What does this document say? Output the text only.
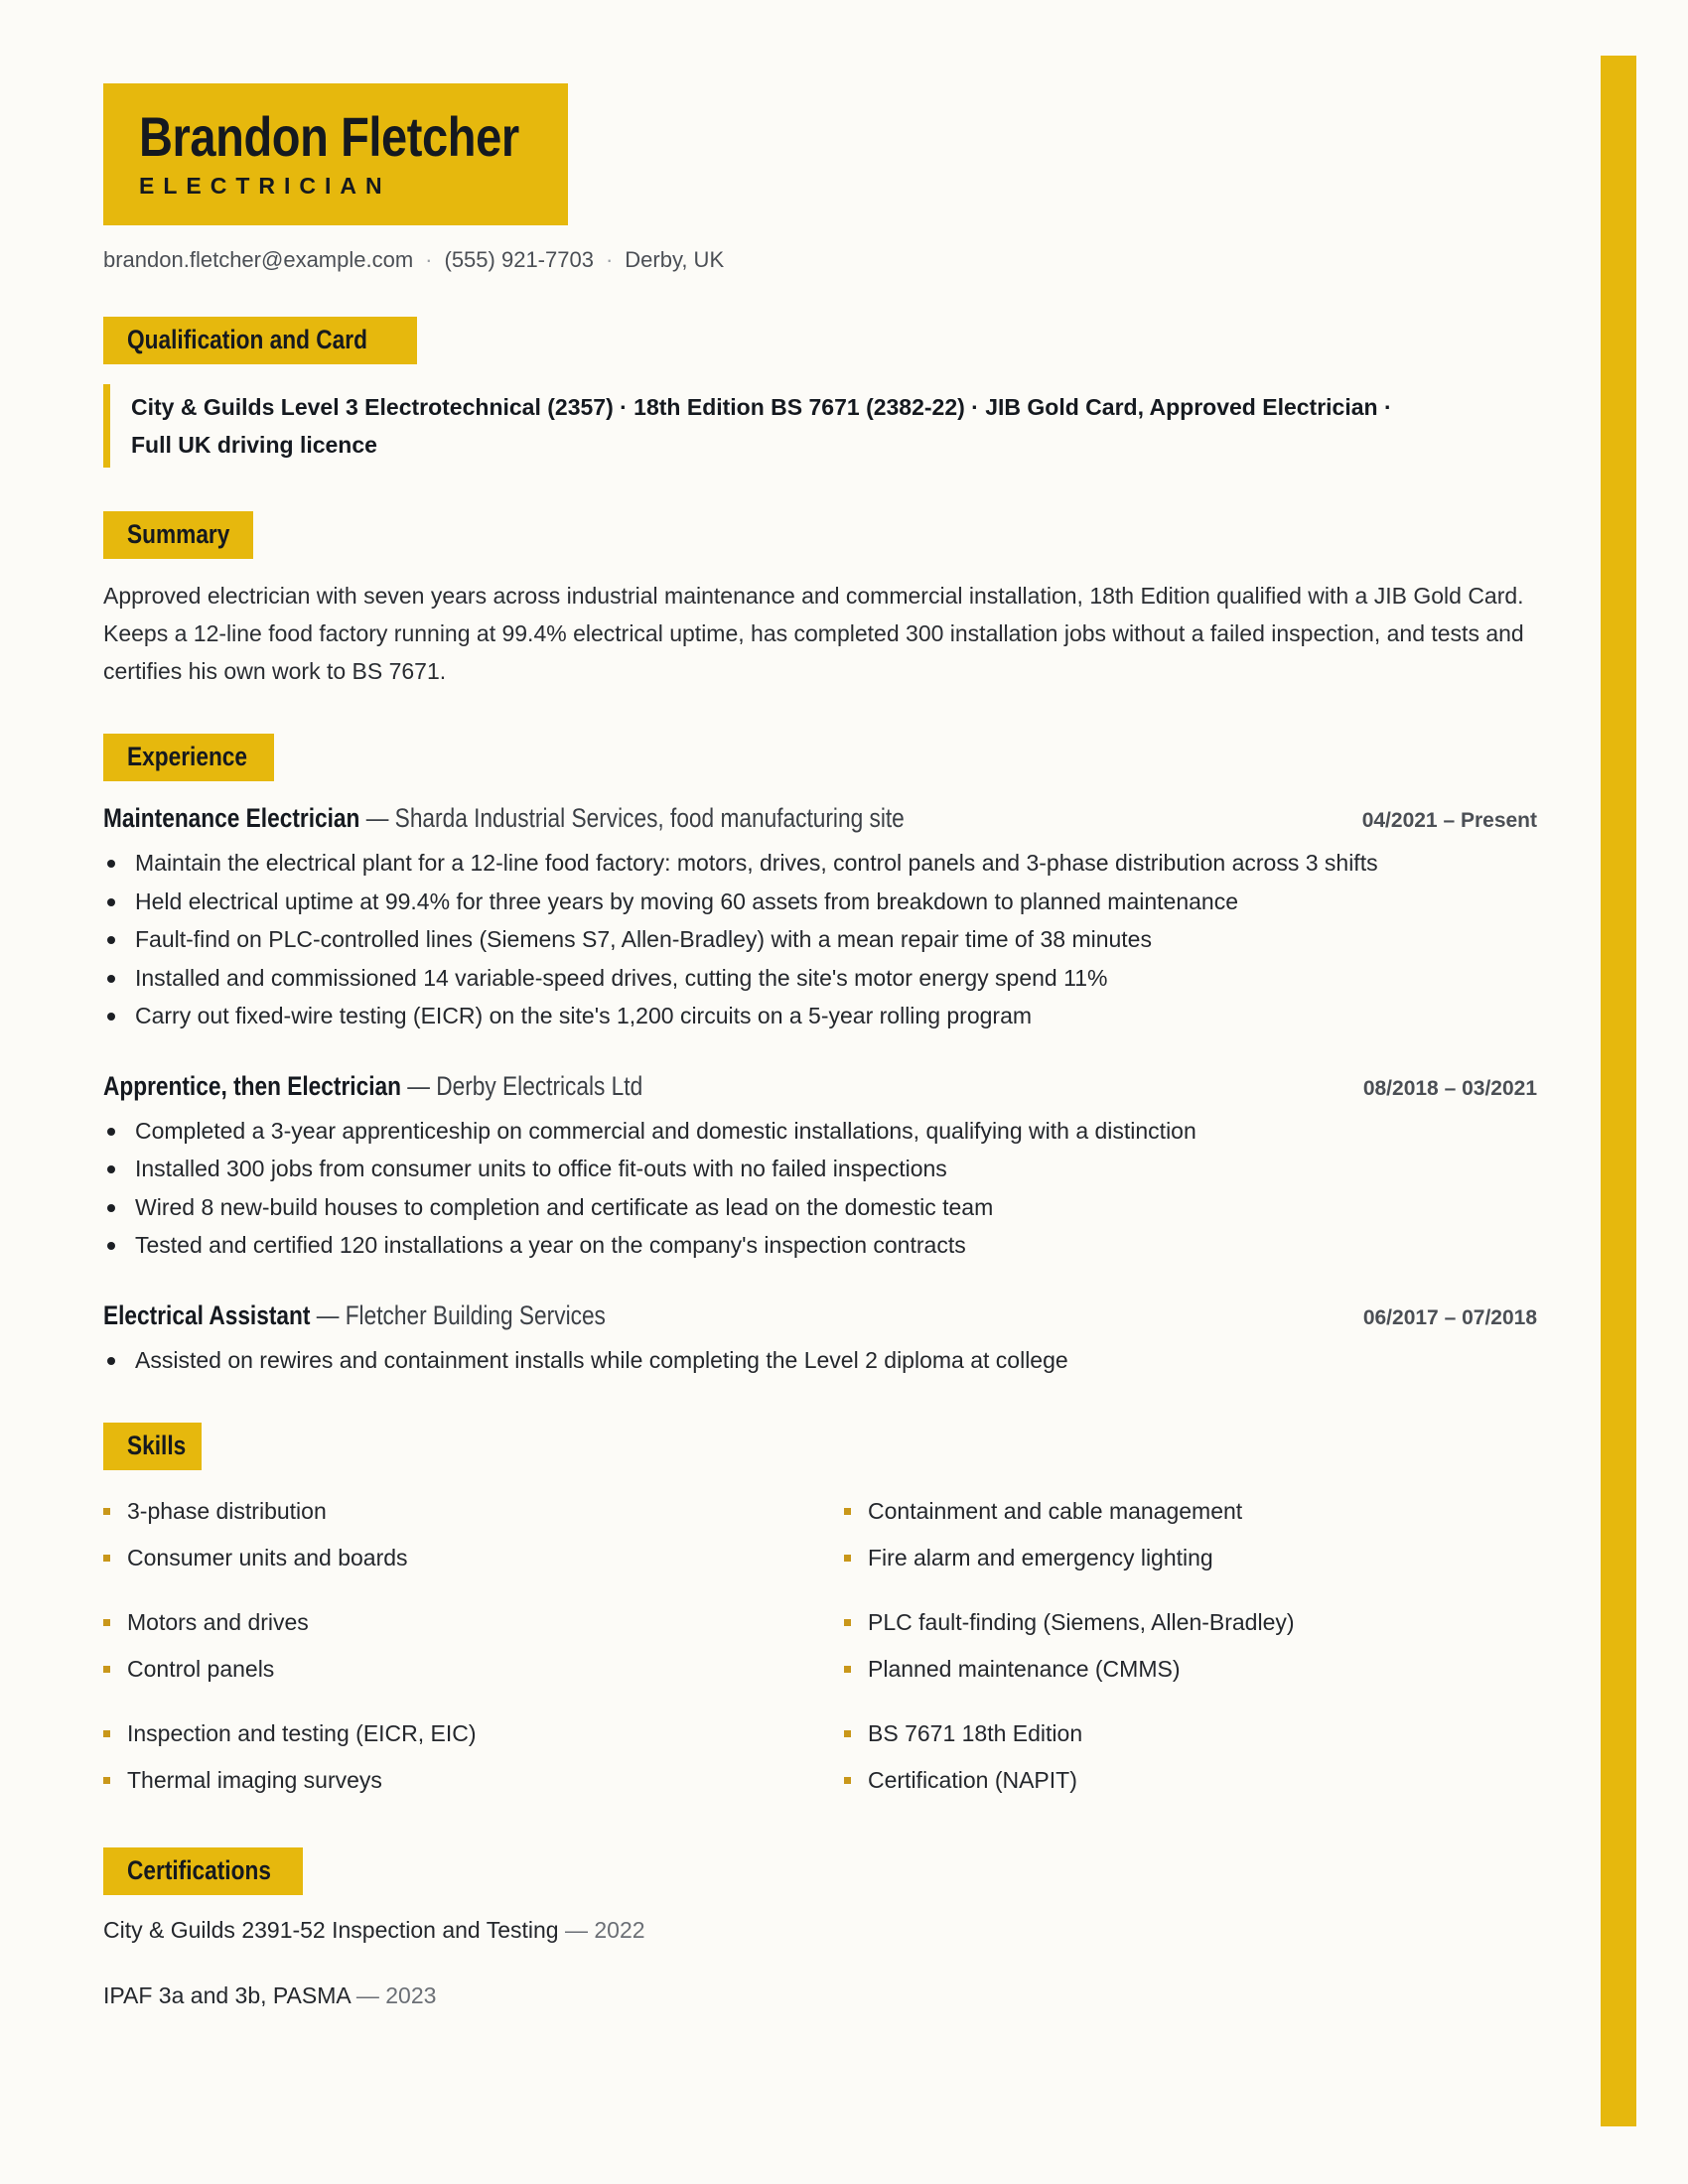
Brandon Fletcher
ELECTRICIAN
brandon.fletcher@example.com · (555) 921-7703 · Derby, UK
Qualification and Card
City & Guilds Level 3 Electrotechnical (2357) · 18th Edition BS 7671 (2382-22) · JIB Gold Card, Approved Electrician ·
Full UK driving licence
Summary

Approved electrician with seven years across industrial maintenance and commercial installation, 18th Edition qualified with a JIB Gold Card. Keeps a 12-line food factory running at 99.4% electrical uptime, has completed 300 installation jobs without a failed inspection, and tests and certifies his own work to BS 7671.

Experience
Maintenance Electrician — Sharda Industrial Services, food manufacturing site	04/2021 – Present
Maintain the electrical plant for a 12-line food factory: motors, drives, control panels and 3-phase distribution across 3 shifts
Held electrical uptime at 99.4% for three years by moving 60 assets from breakdown to planned maintenance
Fault-find on PLC-controlled lines (Siemens S7, Allen-Bradley) with a mean repair time of 38 minutes
Installed and commissioned 14 variable-speed drives, cutting the site's motor energy spend 11%
Carry out fixed-wire testing (EICR) on the site's 1,200 circuits on a 5-year rolling program
Apprentice, then Electrician — Derby Electricals Ltd	08/2018 – 03/2021
Completed a 3-year apprenticeship on commercial and domestic installations, qualifying with a distinction
Installed 300 jobs from consumer units to office fit-outs with no failed inspections
Wired 8 new-build houses to completion and certificate as lead on the domestic team
Tested and certified 120 installations a year on the company's inspection contracts
Electrical Assistant — Fletcher Building Services	06/2017 – 07/2018
Assisted on rewires and containment installs while completing the Level 2 diploma at college
Skills
3-phase distribution
Consumer units and boards
Containment and cable management
Fire alarm and emergency lighting
Motors and drives
Control panels
PLC fault-finding (Siemens, Allen-Bradley)
Planned maintenance (CMMS)
Inspection and testing (EICR, EIC)
Thermal imaging surveys
BS 7671 18th Edition
Certification (NAPIT)
Certifications
City & Guilds 2391-52 Inspection and Testing — 2022
IPAF 3a and 3b, PASMA — 2023
